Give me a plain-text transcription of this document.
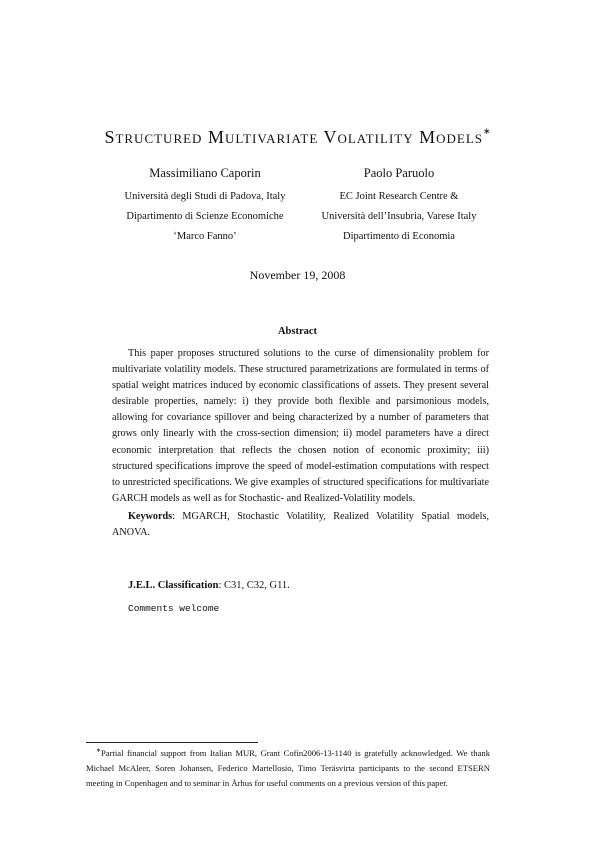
Structured Multivariate Volatility Models∗
Massimiliano Caporin
Università degli Studi di Padova, Italy
Dipartimento di Scienze Economiche
‘Marco Fanno’
Paolo Paruolo
EC Joint Research Centre &
Università dell’Insubria, Varese Italy
Dipartimento di Economia
November 19, 2008
Abstract

This paper proposes structured solutions to the curse of dimensionality problem for multivariate volatility models. These structured parametrizations are formulated in terms of spatial weight matrices induced by economic classifications of assets. They present several desirable properties, namely: i) they provide both flexible and parsimonious models, allowing for covariance spillover and being characterized by a number of parameters that grows only linearly with the cross-section dimension; ii) model parameters have a direct economic interpretation that reflects the chosen notion of economic proximity; iii) structured specifications improve the speed of model-estimation computations with respect to unrestricted specifications. We give examples of structured specifications for multivariate GARCH models as well as for Stochastic- and Realized-Volatility models.

Keywords: MGARCH, Stochastic Volatility, Realized Volatility Spatial models, ANOVA.

J.E.L. Classification: C31, C32, G11.
Comments welcome
∗Partial financial support from Italian MUR, Grant Cofin2006-13-1140 is gratefully acknowledged. We thank Michael McAleer, Soren Johansen, Federico Martellosio, Timo Teräsvirta participants to the second ETSERN meeting in Copenhagen and to seminar in Århus for useful comments on a previous version of this paper.
